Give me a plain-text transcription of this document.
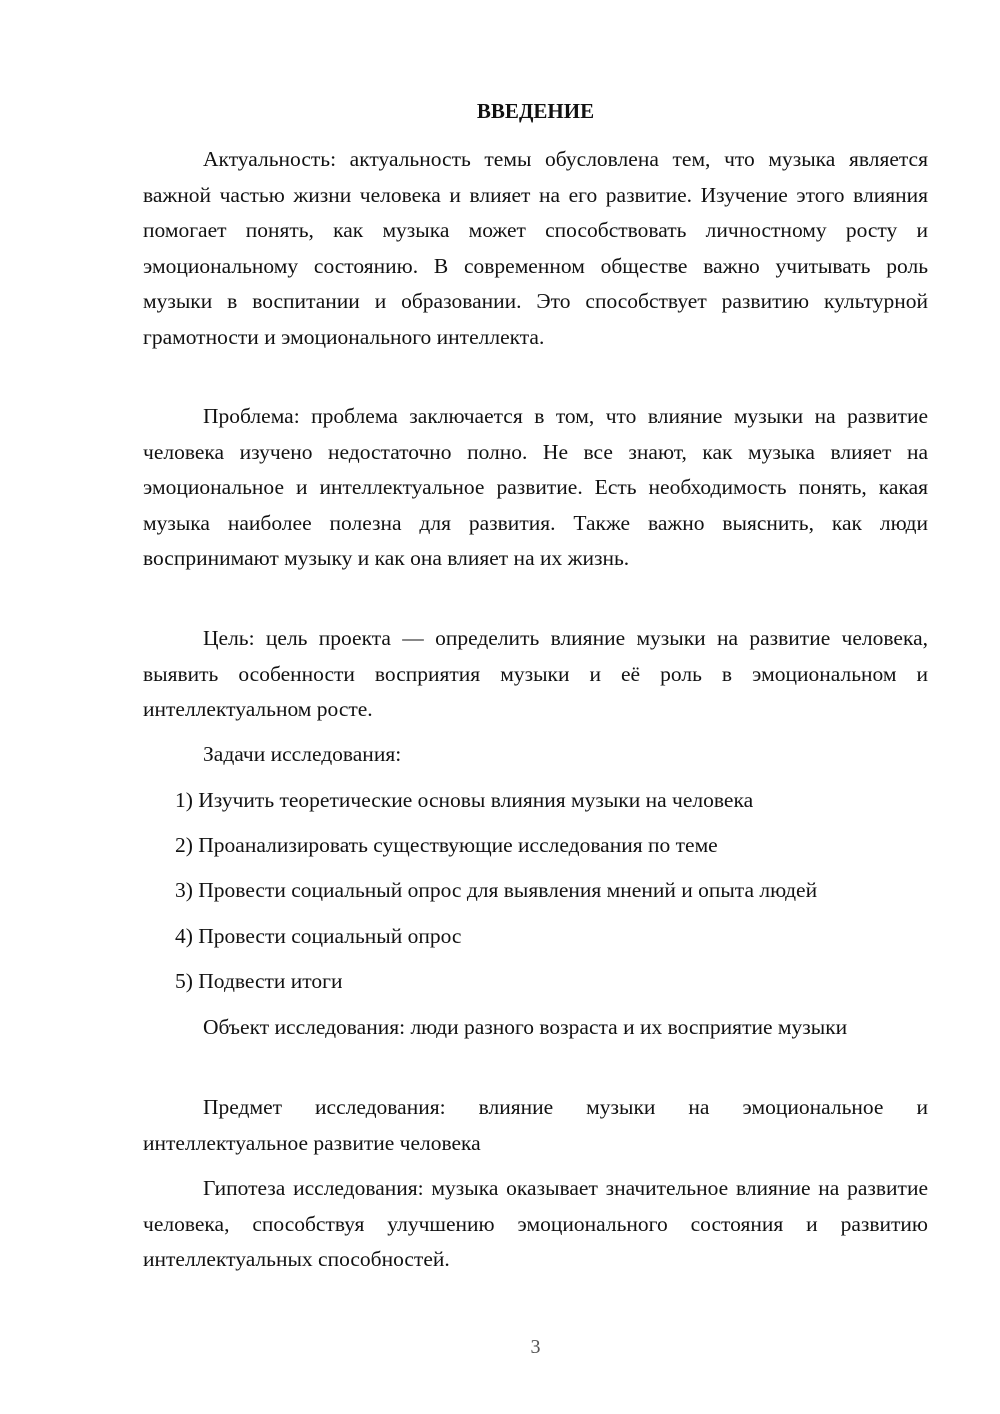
ВВЕДЕНИЕ

Актуальность: актуальность темы обусловлена тем, что музыка является важной частью жизни человека и влияет на его развитие. Изучение этого влияния помогает понять, как музыка может способствовать личностному росту и эмоциональному состоянию. В современном обществе важно учитывать роль музыки в воспитании и образовании. Это способствует развитию культурной грамотности и эмоционального интеллекта.

Проблема: проблема заключается в том, что влияние музыки на развитие человека изучено недостаточно полно. Не все знают, как музыка влияет на эмоциональное и интеллектуальное развитие. Есть необходимость понять, какая музыка наиболее полезна для развития. Также важно выяснить, как люди воспринимают музыку и как она влияет на их жизнь.

Цель: цель проекта — определить влияние музыки на развитие человека, выявить особенности восприятия музыки и её роль в эмоциональном и интеллектуальном росте.

Задачи исследования:

1) Изучить теоретические основы влияния музыки на человека

2) Проанализировать существующие исследования по теме

3) Провести социальный опрос для выявления мнений и опыта людей

4) Провести социальный опрос

5) Подвести итоги

Объект исследования: люди разного возраста и их восприятие музыки

Предмет исследования: влияние музыки на эмоциональное и интеллектуальное развитие человека

Гипотеза исследования: музыка оказывает значительное влияние на развитие человека, способствуя улучшению эмоционального состояния и развитию интеллектуальных способностей.

3
